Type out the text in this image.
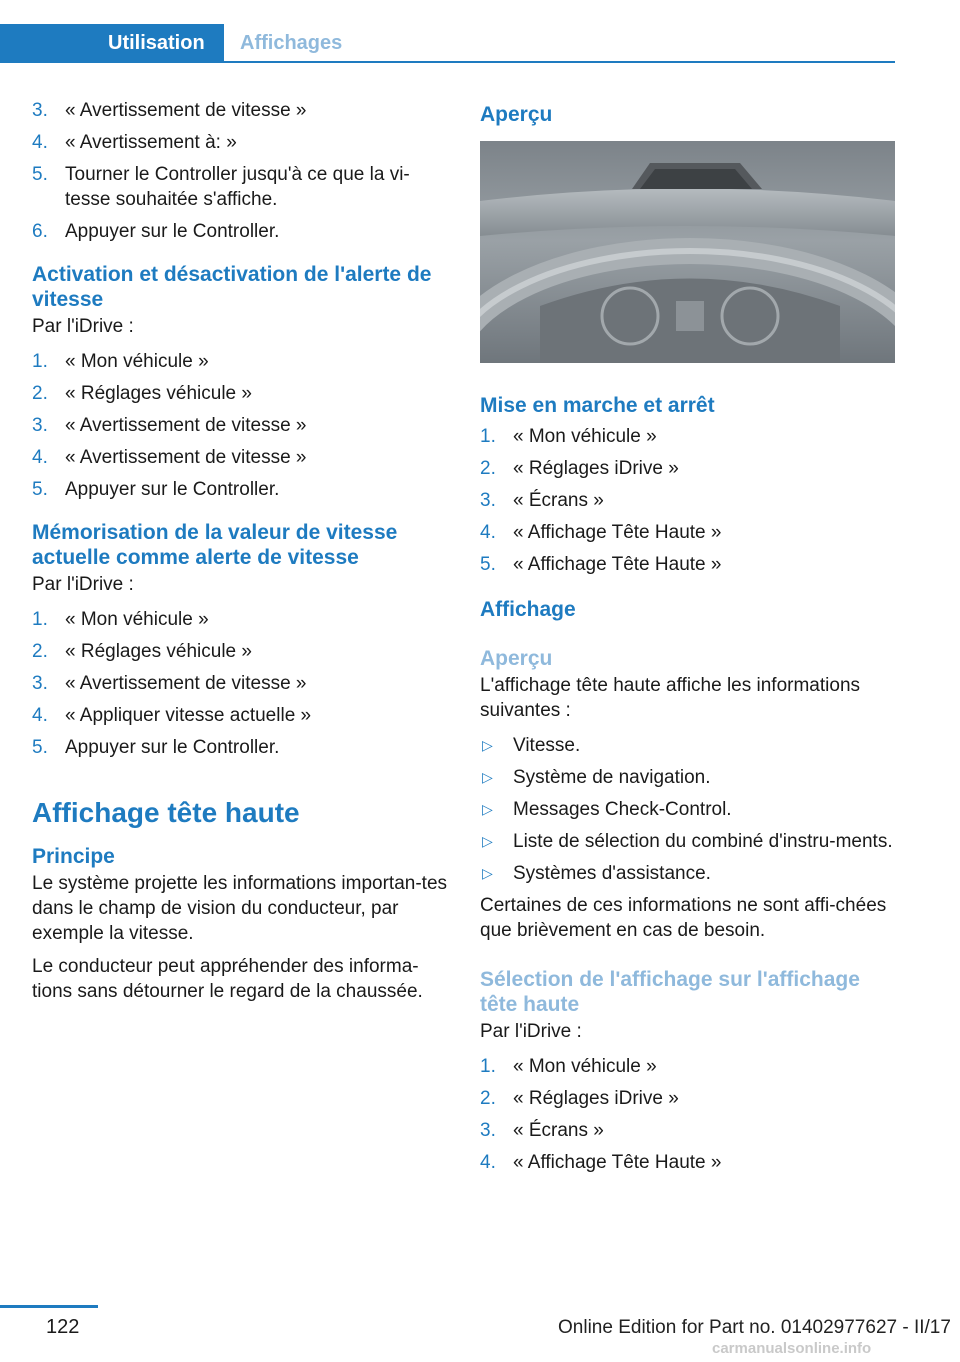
Utilisation	Affichages
3. « Avertissement de vitesse »
4. « Avertissement à: »
5. Tourner le Controller jusqu'à ce que la vi-tesse souhaitée s'affiche.
6. Appuyer sur le Controller.
Activation et désactivation de l'alerte de vitesse
Par l'iDrive :
1. « Mon véhicule »
2. « Réglages véhicule »
3. « Avertissement de vitesse »
4. « Avertissement de vitesse »
5. Appuyer sur le Controller.
Mémorisation de la valeur de vitesse actuelle comme alerte de vitesse
Par l'iDrive :
1. « Mon véhicule »
2. « Réglages véhicule »
3. « Avertissement de vitesse »
4. « Appliquer vitesse actuelle »
5. Appuyer sur le Controller.
Affichage tête haute
Principe
Le système projette les informations importan-tes dans le champ de vision du conducteur, par exemple la vitesse.
Le conducteur peut appréhender des informa-tions sans détourner le regard de la chaussée.
Aperçu
Mise en marche et arrêt
1. « Mon véhicule »
2. « Réglages iDrive »
3. « Écrans »
4. « Affichage Tête Haute »
5. « Affichage Tête Haute »
Affichage
Aperçu
L'affichage tête haute affiche les informations suivantes :
▷ Vitesse.
▷ Système de navigation.
▷ Messages Check-Control.
▷ Liste de sélection du combiné d'instru-ments.
▷ Systèmes d'assistance.
Certaines de ces informations ne sont affi-chées que brièvement en cas de besoin.
Sélection de l'affichage sur l'affichage tête haute
Par l'iDrive :
1. « Mon véhicule »
2. « Réglages iDrive »
3. « Écrans »
4. « Affichage Tête Haute »
122	Online Edition for Part no. 01402977627 - II/17
carmanualsonline.info
